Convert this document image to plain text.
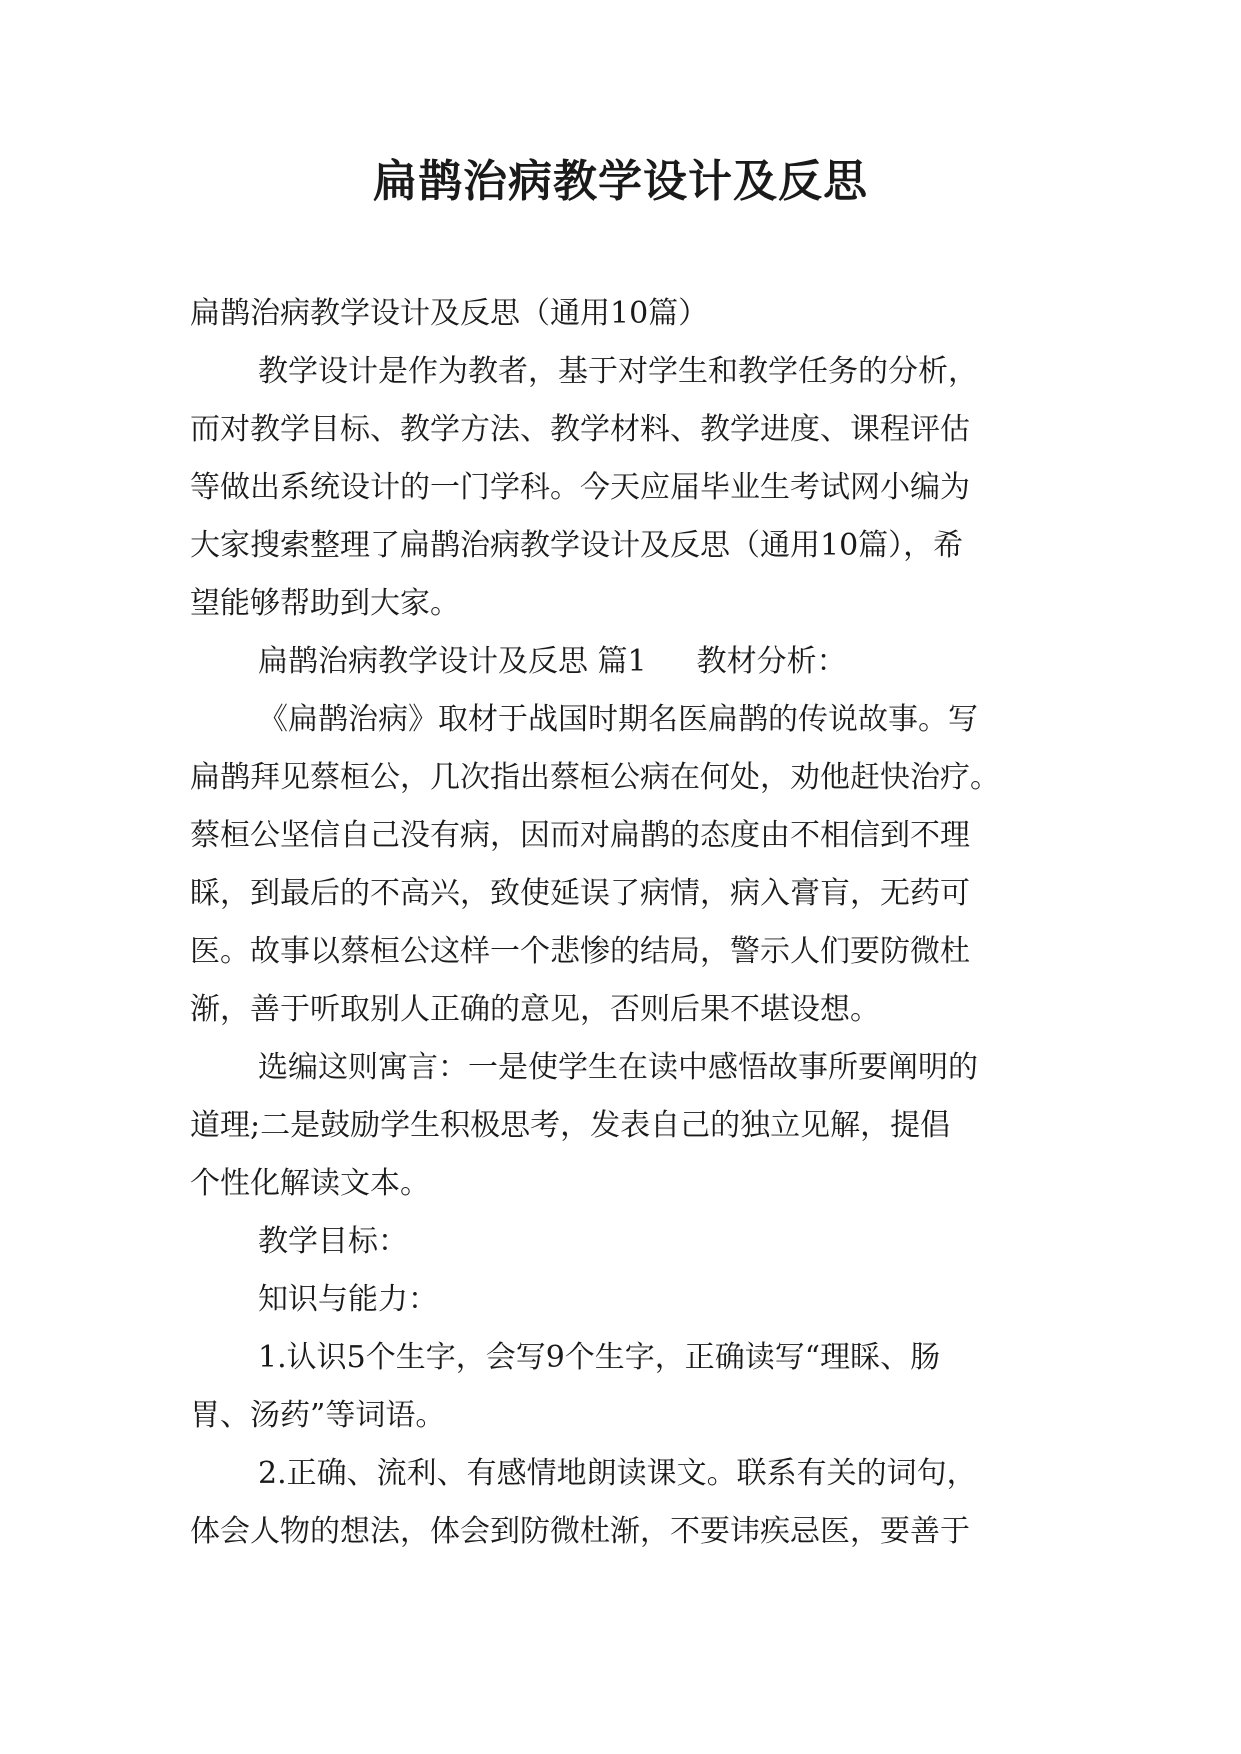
扁鹊治病教学设计及反思

扁鹊治病教学设计及反思（通用10篇）

教学设计是作为教者，基于对学生和教学任务的分析，

而对教学目标、教学方法、教学材料、教学进度、课程评估

等做出系统设计的一门学科。今天应届毕业生考试网小编为

大家搜索整理了扁鹊治病教学设计及反思（通用10篇），希

望能够帮助到大家。

扁鹊治病教学设计及反思 篇1 教材分析：

《扁鹊治病》取材于战国时期名医扁鹊的传说故事。写

扁鹊拜见蔡桓公，几次指出蔡桓公病在何处，劝他赶快治疗。

蔡桓公坚信自己没有病，因而对扁鹊的态度由不相信到不理

睬，到最后的不高兴，致使延误了病情，病入膏肓，无药可

医。故事以蔡桓公这样一个悲惨的结局，警示人们要防微杜

渐，善于听取别人正确的意见，否则后果不堪设想。

选编这则寓言：一是使学生在读中感悟故事所要阐明的

道理;二是鼓励学生积极思考，发表自己的独立见解，提倡

个性化解读文本。

教学目标：

知识与能力：

1.认识5个生字，会写9个生字，正确读写“理睬、肠

胃、汤药”等词语。

2.正确、流利、有感情地朗读课文。联系有关的词句，

体会人物的想法，体会到防微杜渐，不要讳疾忌医，要善于
